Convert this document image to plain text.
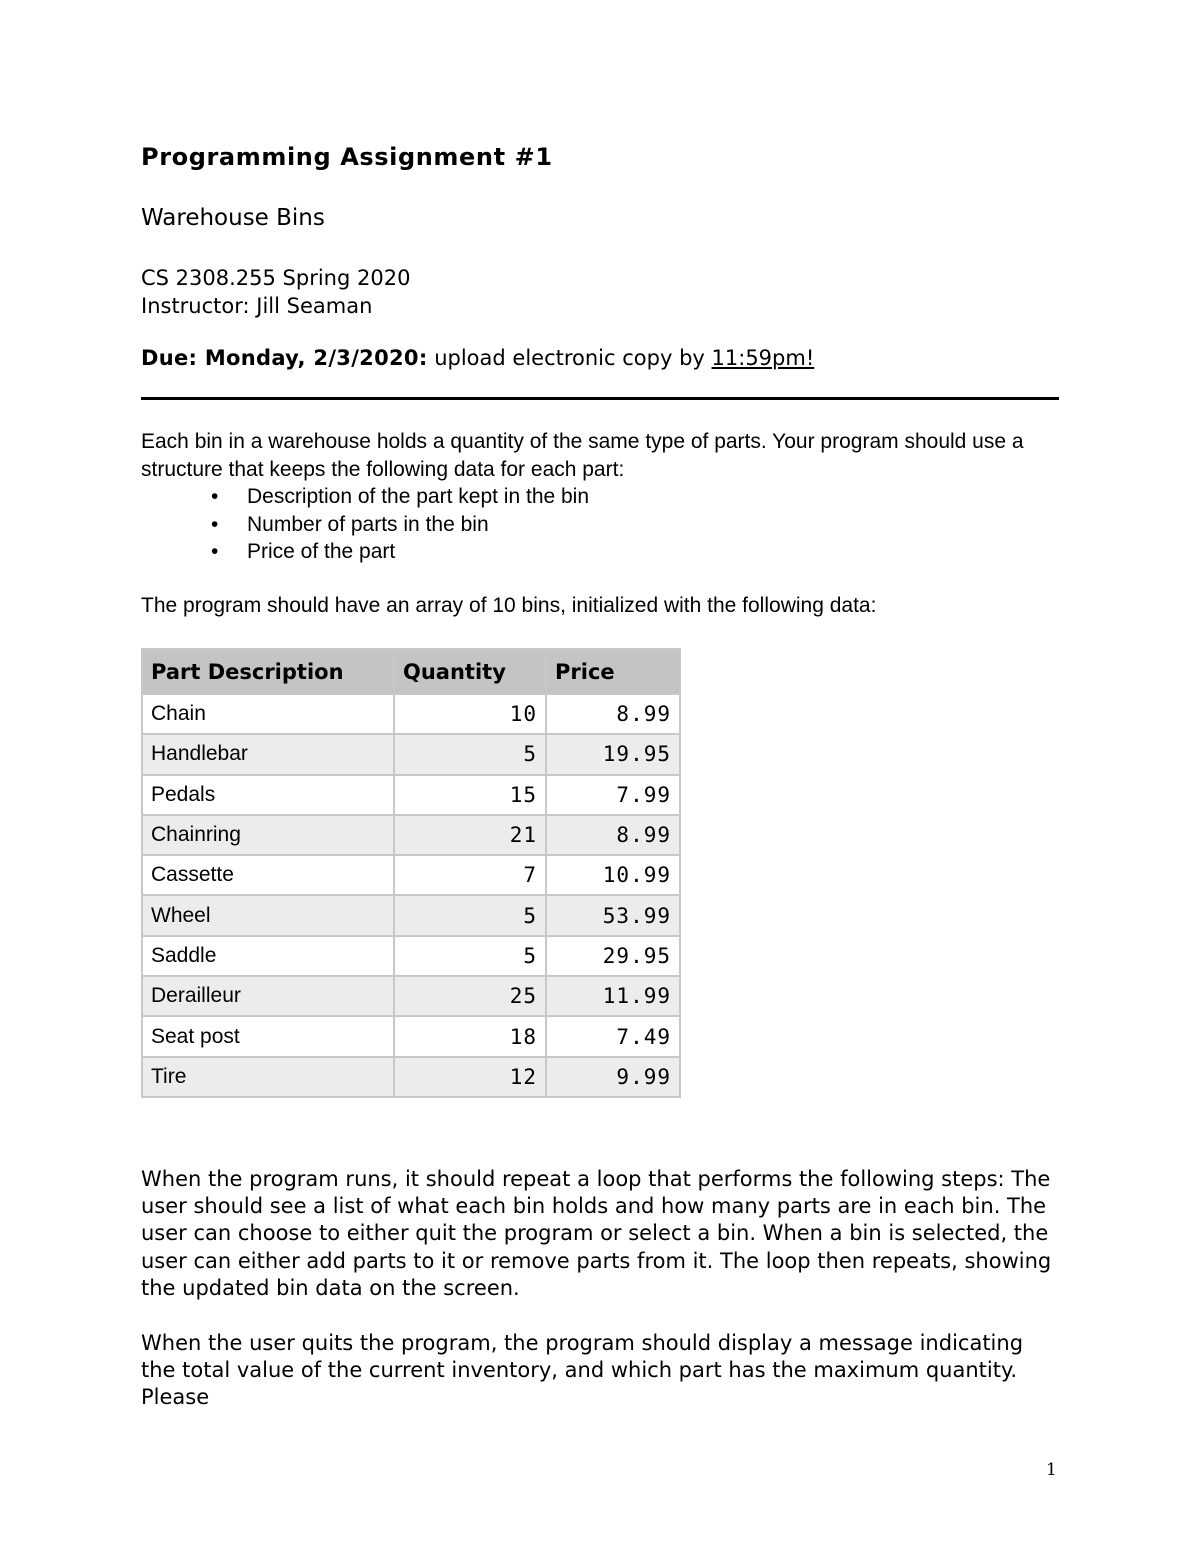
Programming Assignment #1
Warehouse Bins
CS 2308.255 Spring 2020
Instructor: Jill Seaman
Due: Monday, 2/3/2020: upload electronic copy by 11:59pm!

Each bin in a warehouse holds a quantity of the same type of parts. Your program should use a structure that keeps the following data for each part:

• Description of the part kept in the bin
• Number of parts in the bin
• Price of the part

The program should have an array of 10 bins, initialized with the following data:

Part Description	Quantity	Price
Chain	10	8.99
Handlebar	5	19.95
Pedals	15	7.99
Chainring	21	8.99
Cassette	7	10.99
Wheel	5	53.99
Saddle	5	29.95
Derailleur	25	11.99
Seat post	18	7.49
Tire	12	9.99

When the program runs, it should repeat a loop that performs the following steps: The user should see a list of what each bin holds and how many parts are in each bin. The user can choose to either quit the program or select a bin. When a bin is selected, the user can either add parts to it or remove parts from it. The loop then repeats, showing the updated bin data on the screen.

When the user quits the program, the program should display a message indicating the total value of the current inventory, and which part has the maximum quantity. Please

1
